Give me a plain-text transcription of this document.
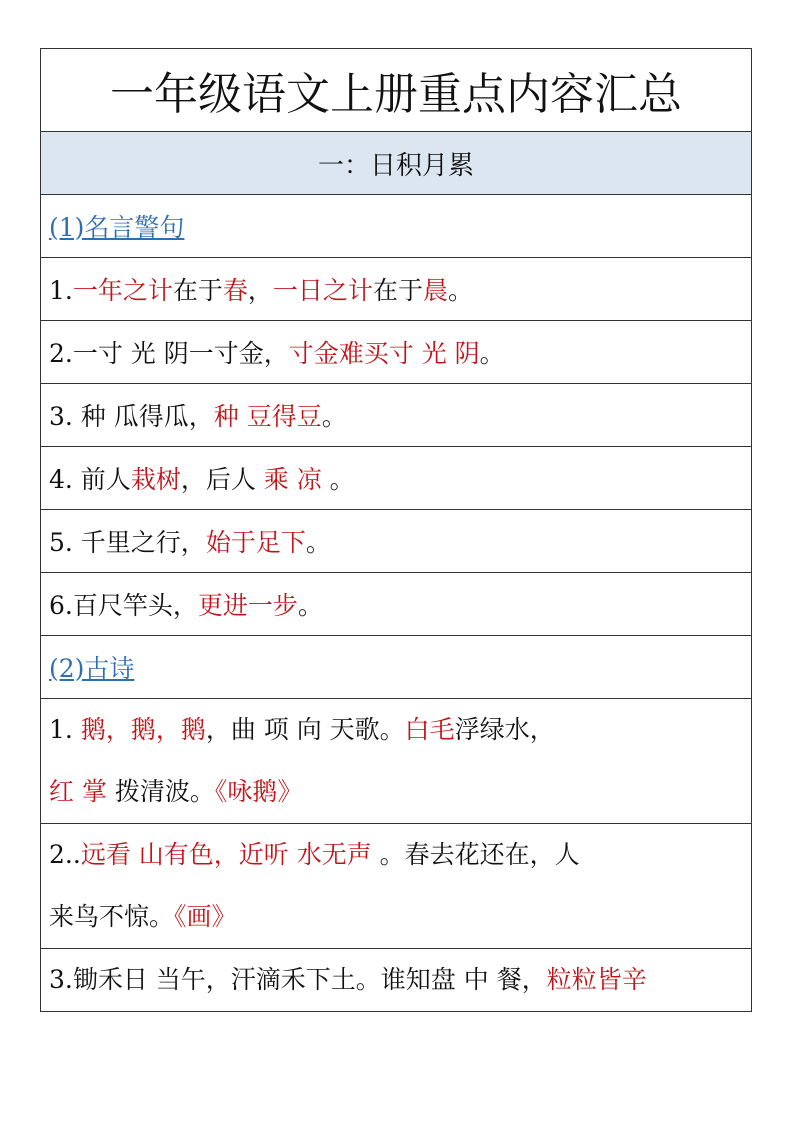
一年级语文上册重点内容汇总
一：日积月累
(1)名言警句
1.一年之计在于春，一日之计在于晨。
2.一寸 光 阴一寸金，寸金难买寸 光 阴。
3. 种 瓜得瓜，种 豆得豆。
4. 前人栽树，后人 乘 凉 。
5. 千里之行，始于足下。
6.百尺竿头，更进一步。
(2)古诗

1. 鹅，鹅，鹅，曲 项 向 天歌。白毛浮绿水，
红 掌 拨清波。《咏鹅》

2..远看 山有色，近听 水无声 。春去花还在，人
来鸟不惊。《画》

3.锄禾日 当午，汗滴禾下土。谁知盘 中 餐，粒粒皆辛
